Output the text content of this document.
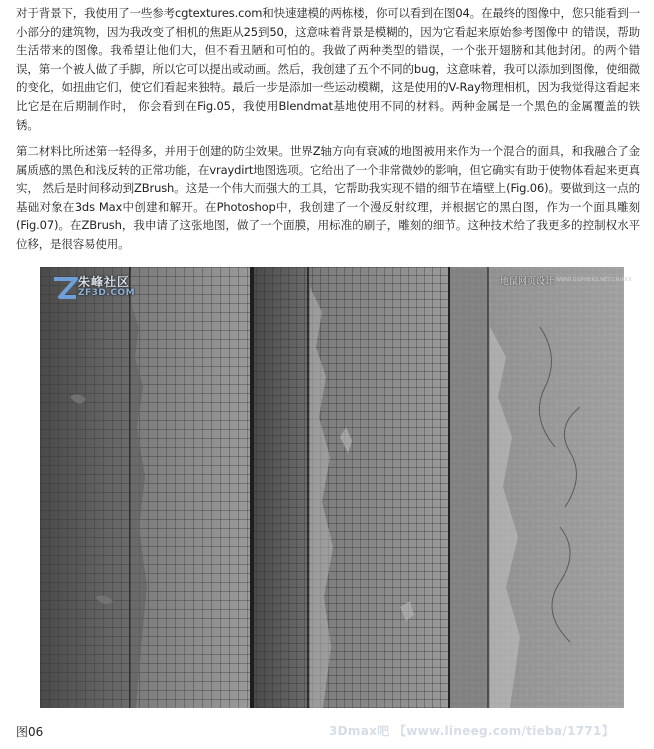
对于背景下，我使用了一些参考cgtextures.com和快速建模的两栋楼，你可以看到在图04。在最终的图像中，您只能看到一小部分的建筑物，因为我改变了相机的焦距从25到50，这意味着背景是模糊的，因为它看起来原始参考图像中 的错误，帮助生活带来的图像。我希望让他们大，但不看丑陋和可怕的。我做了两种类型的错误，一个张开翅膀和其他封闭。的两个错误，第一个被人做了手脚，所以它可以提出或动画。然后，我创建了五个不同的bug，这意味着，我可以添加到图像，使细微的变化，如扭曲它们，使它们看起来独特。最后一步是添加一些运动模糊，这是使用的V-Ray物理相机，因为我觉得这看起来比它是在后期制作时， 你会看到在Fig.05，我使用Blendmat基地使用不同的材料。两种金属是一个黑色的金属覆盖的铁锈。

第二材料比所述第一轻得多，并用于创建的防尘效果。世界Z轴方向有衰减的地图被用来作为一个混合的面具，和我融合了金属质感的黑色和浅反转的正常功能，在vraydirt地图选项。它给出了一个非常微妙的影响，但它确实有助于使物体看起来更真实， 然后是时间移动到ZBrush。这是一个伟大而强大的工具，它帮助我实现不错的细节在墙壁上(Fig.06)。要做到这一点的基础对象在3ds Max中创建和解开。在Photoshop中，我创建了一个漫反射纹理，并根据它的黑白图，作为一个面具雕刻(Fig.07)。在ZBrush，我申请了这张地图，做了一个面膜，用标准的刷子，雕刻的细节。这种技术给了我更多的控制权水平位移，是很容易使用。

朱峰社区
ZF3D.COM
地鼠网页设计 WWW.GOPHERS.NET.CN/KKK
图06	3Dmax吧 【www.lineeg.com/tieba/1771】
